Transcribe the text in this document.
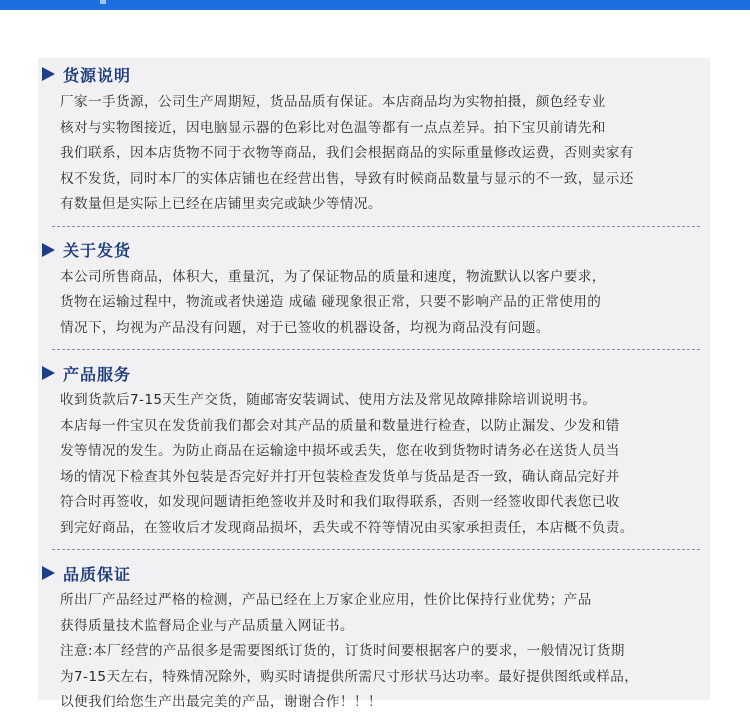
货源说明
厂家一手货源，公司生产周期短，货品品质有保证。本店商品均为实物拍摄，颜色经专业
核对与实物图接近，因电脑显示器的色彩比对色温等都有一点点差异。拍下宝贝前请先和
我们联系，因本店货物不同于衣物等商品，我们会根据商品的实际重量修改运费，否则卖家有
权不发货，同时本厂的实体店铺也在经营出售，导致有时候商品数量与显示的不一致，显示还
有数量但是实际上已经在店铺里卖完或缺少等情况。
关于发货
本公司所售商品，体积大，重量沉，为了保证物品的质量和速度，物流默认以客户要求，
货物在运输过程中，物流或者快递造 成磕 碰现象很正常，只要不影响产品的正常使用的
情况下，均视为产品没有问题，对于已签收的机器设备，均视为商品没有问题。
产品服务
收到货款后7-15天生产交货，随邮寄安装调试、使用方法及常见故障排除培训说明书。
本店每一件宝贝在发货前我们都会对其产品的质量和数量进行检查，以防止漏发、少发和错
发等情况的发生。为防止商品在运输途中损坏或丢失，您在收到货物时请务必在送货人员当
场的情况下检查其外包装是否完好并打开包装检查发货单与货品是否一致，确认商品完好并
符合时再签收，如发现问题请拒绝签收并及时和我们取得联系，否则一经签收即代表您已收
到完好商品，在签收后才发现商品损坏，丢失或不符等情况由买家承担责任，本店概不负责。
品质保证
所出厂产品经过严格的检测，产品已经在上万家企业应用，性价比保持行业优势；产品
获得质量技术监督局企业与产品质量入网证书。
注意:本厂经营的产品很多是需要图纸订货的，订货时间要根据客户的要求，一般情况订货期
为7-15天左右，特殊情况除外，购买时请提供所需尺寸形状马达功率。最好提供图纸或样品，
以便我们给您生产出最完美的产品，谢谢合作！！！
